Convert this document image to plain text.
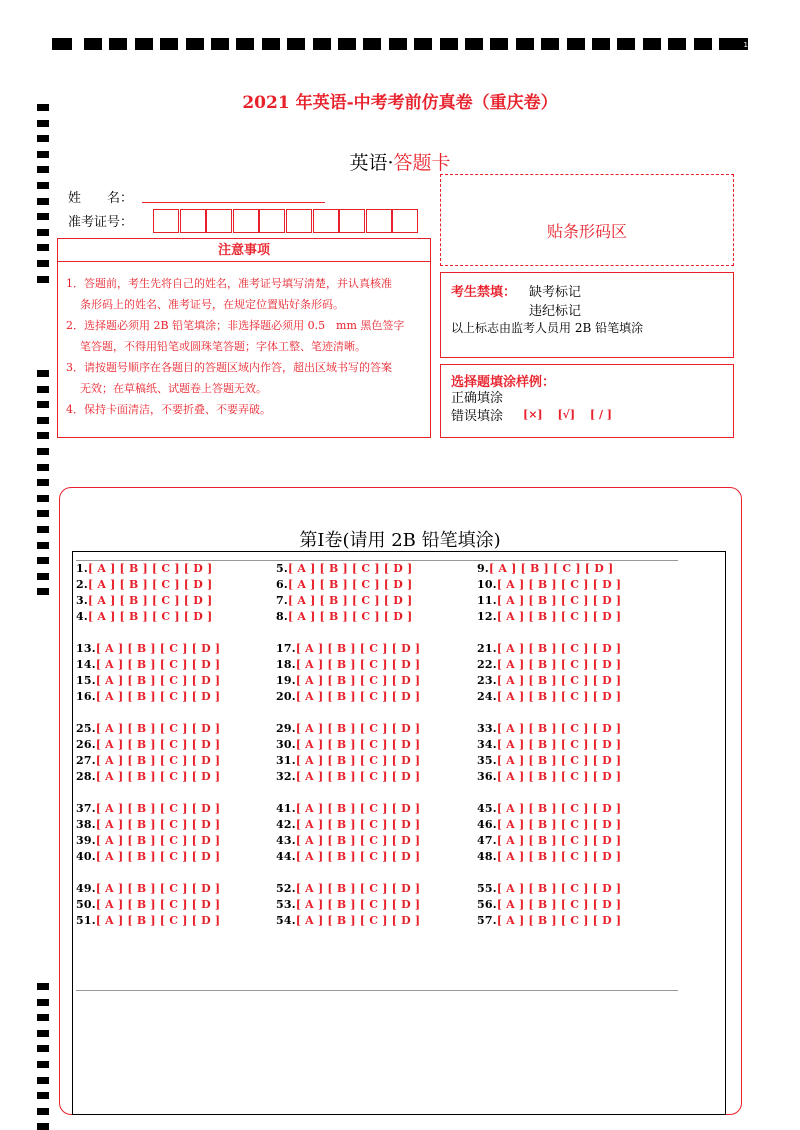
1
2021 年英语-中考考前仿真卷（重庆卷）
英语·答题卡
姓　　名：
准考证号：	贴条形码区
注意事项
1．答题前，考生先将自己的姓名，准考证号填写清楚，并认真核准
条形码上的姓名、准考证号，在规定位置贴好条形码。
2．选择题必须用 2B 铅笔填涂；非选择题必须用 0.5　mm 黑色签字
笔答题，不得用铅笔或圆珠笔答题；字体工整、笔迹清晰。
3．请按题号顺序在各题目的答题区域内作答，超出区域书写的答案
无效；在草稿纸、试题卷上答题无效。
4．保持卡面清洁，不要折叠、不要弄破。
考生禁填： 缺考标记
违纪标记
以上标志由监考人员用 2B 铅笔填涂
选择题填涂样例：
正确填涂
错误填涂 [×]　 [√]　 [ / ]
第Ⅰ卷(请用 2B 铅笔填涂)
1.[ A ] [ B ] [ C ] [ D ]
2.[ A ] [ B ] [ C ] [ D ]
3.[ A ] [ B ] [ C ] [ D ]
4.[ A ] [ B ] [ C ] [ D ]
5.[ A ] [ B ] [ C ] [ D ]
6.[ A ] [ B ] [ C ] [ D ]
7.[ A ] [ B ] [ C ] [ D ]
8.[ A ] [ B ] [ C ] [ D ]
9.[ A ] [ B ] [ C ] [ D ]
10.[ A ] [ B ] [ C ] [ D ]
11.[ A ] [ B ] [ C ] [ D ]
12.[ A ] [ B ] [ C ] [ D ]
13.[ A ] [ B ] [ C ] [ D ]
14.[ A ] [ B ] [ C ] [ D ]
15.[ A ] [ B ] [ C ] [ D ]
16.[ A ] [ B ] [ C ] [ D ]
17.[ A ] [ B ] [ C ] [ D ]
18.[ A ] [ B ] [ C ] [ D ]
19.[ A ] [ B ] [ C ] [ D ]
20.[ A ] [ B ] [ C ] [ D ]
21.[ A ] [ B ] [ C ] [ D ]
22.[ A ] [ B ] [ C ] [ D ]
23.[ A ] [ B ] [ C ] [ D ]
24.[ A ] [ B ] [ C ] [ D ]
25.[ A ] [ B ] [ C ] [ D ]
26.[ A ] [ B ] [ C ] [ D ]
27.[ A ] [ B ] [ C ] [ D ]
28.[ A ] [ B ] [ C ] [ D ]
29.[ A ] [ B ] [ C ] [ D ]
30.[ A ] [ B ] [ C ] [ D ]
31.[ A ] [ B ] [ C ] [ D ]
32.[ A ] [ B ] [ C ] [ D ]
33.[ A ] [ B ] [ C ] [ D ]
34.[ A ] [ B ] [ C ] [ D ]
35.[ A ] [ B ] [ C ] [ D ]
36.[ A ] [ B ] [ C ] [ D ]
37.[ A ] [ B ] [ C ] [ D ]
38.[ A ] [ B ] [ C ] [ D ]
39.[ A ] [ B ] [ C ] [ D ]
40.[ A ] [ B ] [ C ] [ D ]
41.[ A ] [ B ] [ C ] [ D ]
42.[ A ] [ B ] [ C ] [ D ]
43.[ A ] [ B ] [ C ] [ D ]
44.[ A ] [ B ] [ C ] [ D ]
45.[ A ] [ B ] [ C ] [ D ]
46.[ A ] [ B ] [ C ] [ D ]
47.[ A ] [ B ] [ C ] [ D ]
48.[ A ] [ B ] [ C ] [ D ]
49.[ A ] [ B ] [ C ] [ D ]
50.[ A ] [ B ] [ C ] [ D ]
51.[ A ] [ B ] [ C ] [ D ]
52.[ A ] [ B ] [ C ] [ D ]
53.[ A ] [ B ] [ C ] [ D ]
54.[ A ] [ B ] [ C ] [ D ]
55.[ A ] [ B ] [ C ] [ D ]
56.[ A ] [ B ] [ C ] [ D ]
57.[ A ] [ B ] [ C ] [ D ]
